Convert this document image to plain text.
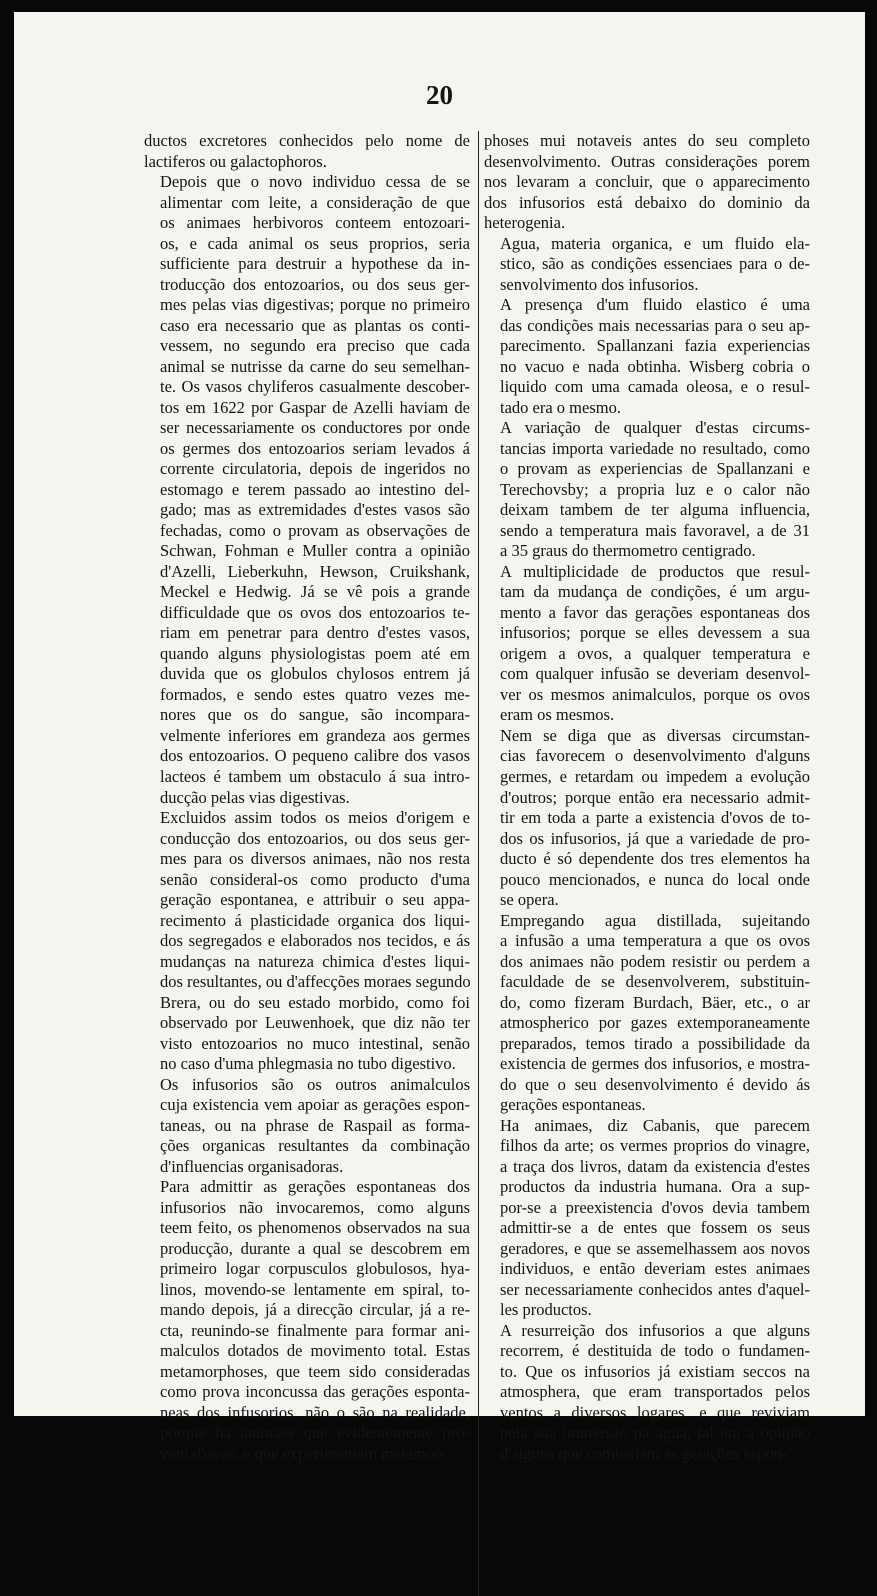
20
ductos excretores conhecidos pelo nome de
lactiferos ou galactophoros.
Depois que o novo individuo cessa de se
alimentar com leite, a consideração de que
os animaes herbivoros conteem entozoari-
os, e cada animal os seus proprios, seria
sufficiente para destruir a hypothese da in-
troducção dos entozoarios, ou dos seus ger-
mes pelas vias digestivas; porque no primeiro
caso era necessario que as plantas os conti-
vessem, no segundo era preciso que cada
animal se nutrisse da carne do seu semelhan-
te. Os vasos chyliferos casualmente descober-
tos em 1622 por Gaspar de Azelli haviam de
ser necessariamente os conductores por onde
os germes dos entozoarios seriam levados á
corrente circulatoria, depois de ingeridos no
estomago e terem passado ao intestino del-
gado; mas as extremidades d'estes vasos são
fechadas, como o provam as observações de
Schwan, Fohman e Muller contra a opinião
d'Azelli, Lieberkuhn, Hewson, Cruikshank,
Meckel e Hedwig. Já se vê pois a grande
difficuldade que os ovos dos entozoarios te-
riam em penetrar para dentro d'estes vasos,
quando alguns physiologistas poem até em
duvida que os globulos chylosos entrem já
formados, e sendo estes quatro vezes me-
nores que os do sangue, são incompara-
velmente inferiores em grandeza aos germes
dos entozoarios. O pequeno calibre dos vasos
lacteos é tambem um obstaculo á sua intro-
ducção pelas vias digestivas.
Excluidos assim todos os meios d'origem e
conducção dos entozoarios, ou dos seus ger-
mes para os diversos animaes, não nos resta
senão consideral-os como producto d'uma
geração espontanea, e attribuir o seu appa-
recimento á plasticidade organica dos liqui-
dos segregados e elaborados nos tecidos, e ás
mudanças na natureza chimica d'estes liqui-
dos resultantes, ou d'affecções moraes segundo
Brera, ou do seu estado morbido, como foi
observado por Leuwenhoek, que diz não ter
visto entozoarios no muco intestinal, senão
no caso d'uma phlegmasia no tubo digestivo.
Os infusorios são os outros animalculos
cuja existencia vem apoiar as gerações espon-
taneas, ou na phrase de Raspail as forma-
ções organicas resultantes da combinação
d'influencias organisadoras.
Para admittir as gerações espontaneas dos
infusorios não invocaremos, como alguns
teem feito, os phenomenos observados na sua
producção, durante a qual se descobrem em
primeiro logar corpusculos globulosos, hya-
linos, movendo-se lentamente em spiral, to-
mando depois, já a direcção circular, já a re-
cta, reunindo-se finalmente para formar ani-
malculos dotados de movimento total. Estas
metamorphoses, que teem sido consideradas
como prova inconcussa das gerações esponta-
neas dos infusorios, não o são na realidade,
porque ha animaes que evidentemente pro-
vem d'ovos, e que experimentam metamor-
phoses mui notaveis antes do seu completo
desenvolvimento. Outras considerações porem
nos levaram a concluir, que o apparecimento
dos infusorios está debaixo do dominio da
heterogenia.
Agua, materia organica, e um fluido ela-
stico, são as condições essenciaes para o de-
senvolvimento dos infusorios.
A presença d'um fluido elastico é uma
das condições mais necessarias para o seu ap-
parecimento. Spallanzani fazia experiencias
no vacuo e nada obtinha. Wisberg cobria o
liquido com uma camada oleosa, e o resul-
tado era o mesmo.
A variação de qualquer d'estas circums-
tancias importa variedade no resultado, como
o provam as experiencias de Spallanzani e
Terechovsby; a propria luz e o calor não
deixam tambem de ter alguma influencia,
sendo a temperatura mais favoravel, a de 31
a 35 graus do thermometro centigrado.
A multiplicidade de productos que resul-
tam da mudança de condições, é um argu-
mento a favor das gerações espontaneas dos
infusorios; porque se elles devessem a sua
origem a ovos, a qualquer temperatura e
com qualquer infusão se deveriam desenvol-
ver os mesmos animalculos, porque os ovos
eram os mesmos.
Nem se diga que as diversas circumstan-
cias favorecem o desenvolvimento d'alguns
germes, e retardam ou impedem a evolução
d'outros; porque então era necessario admit-
tir em toda a parte a existencia d'ovos de to-
dos os infusorios, já que a variedade de pro-
ducto é só dependente dos tres elementos ha
pouco mencionados, e nunca do local onde
se opera.
Empregando agua distillada, sujeitando
a infusão a uma temperatura a que os ovos
dos animaes não podem resistir ou perdem a
faculdade de se desenvolverem, substituin-
do, como fizeram Burdach, Bäer, etc., o ar
atmospherico por gazes extemporaneamente
preparados, temos tirado a possibilidade da
existencia de germes dos infusorios, e mostra-
do que o seu desenvolvimento é devido ás
gerações espontaneas.
Ha animaes, diz Cabanis, que parecem
filhos da arte; os vermes proprios do vinagre,
a traça dos livros, datam da existencia d'estes
productos da industria humana. Ora a sup-
por-se a preexistencia d'ovos devia tambem
admittir-se a de entes que fossem os seus
geradores, e que se assemelhassem aos novos
individuos, e então deveriam estes animaes
ser necessariamente conhecidos antes d'aquel-
les productos.
A resurreição dos infusorios a que alguns
recorrem, é destituida de todo o fundamen-
to. Que os infusorios já existiam seccos na
atmosphera, que eram transportados pelos
ventos a diversos logares, e que reviviam
pela sua immersão na agua, tal era a opinião
d'alguns que combatiam as gerações espon-
